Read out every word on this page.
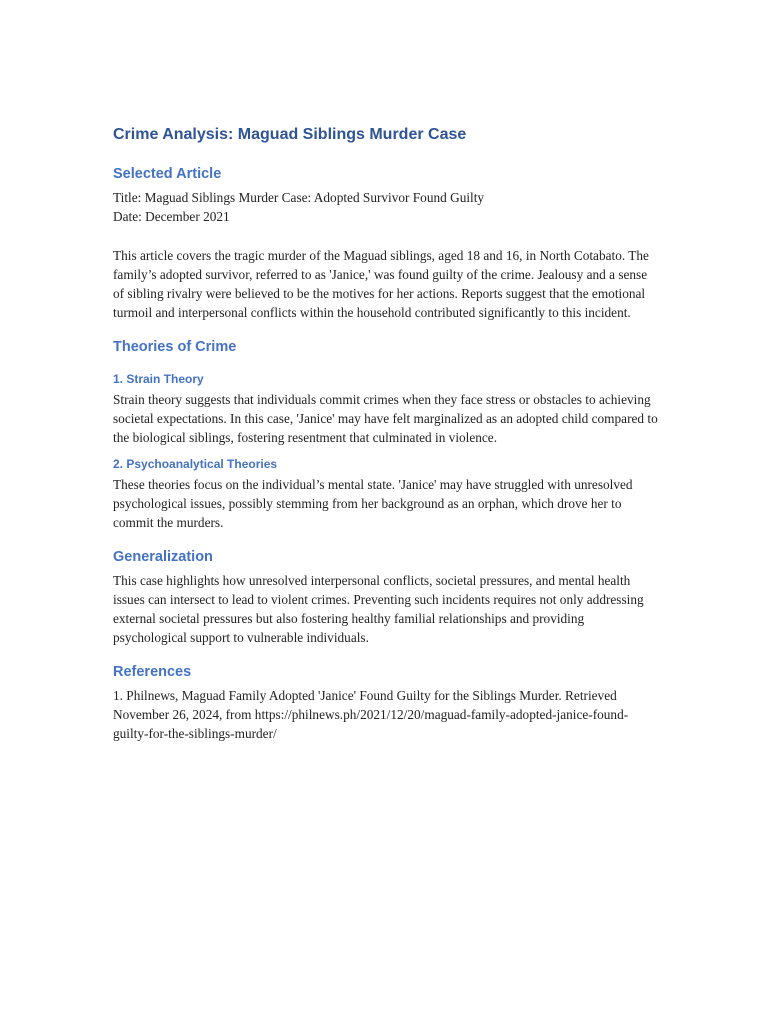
Crime Analysis: Maguad Siblings Murder Case
Selected Article
Title: Maguad Siblings Murder Case: Adopted Survivor Found Guilty
Date: December 2021
This article covers the tragic murder of the Maguad siblings, aged 18 and 16, in North Cotabato. The family’s adopted survivor, referred to as 'Janice,' was found guilty of the crime. Jealousy and a sense of sibling rivalry were believed to be the motives for her actions. Reports suggest that the emotional turmoil and interpersonal conflicts within the household contributed significantly to this incident.
Theories of Crime
1. Strain Theory
Strain theory suggests that individuals commit crimes when they face stress or obstacles to achieving societal expectations. In this case, 'Janice' may have felt marginalized as an adopted child compared to the biological siblings, fostering resentment that culminated in violence.
2. Psychoanalytical Theories
These theories focus on the individual’s mental state. 'Janice' may have struggled with unresolved psychological issues, possibly stemming from her background as an orphan, which drove her to commit the murders.
Generalization
This case highlights how unresolved interpersonal conflicts, societal pressures, and mental health issues can intersect to lead to violent crimes. Preventing such incidents requires not only addressing external societal pressures but also fostering healthy familial relationships and providing psychological support to vulnerable individuals.
References
1. Philnews, Maguad Family Adopted 'Janice' Found Guilty for the Siblings Murder. Retrieved November 26, 2024, from https://philnews.ph/2021/12/20/maguad-family-adopted-janice-found-guilty-for-the-siblings-murder/
